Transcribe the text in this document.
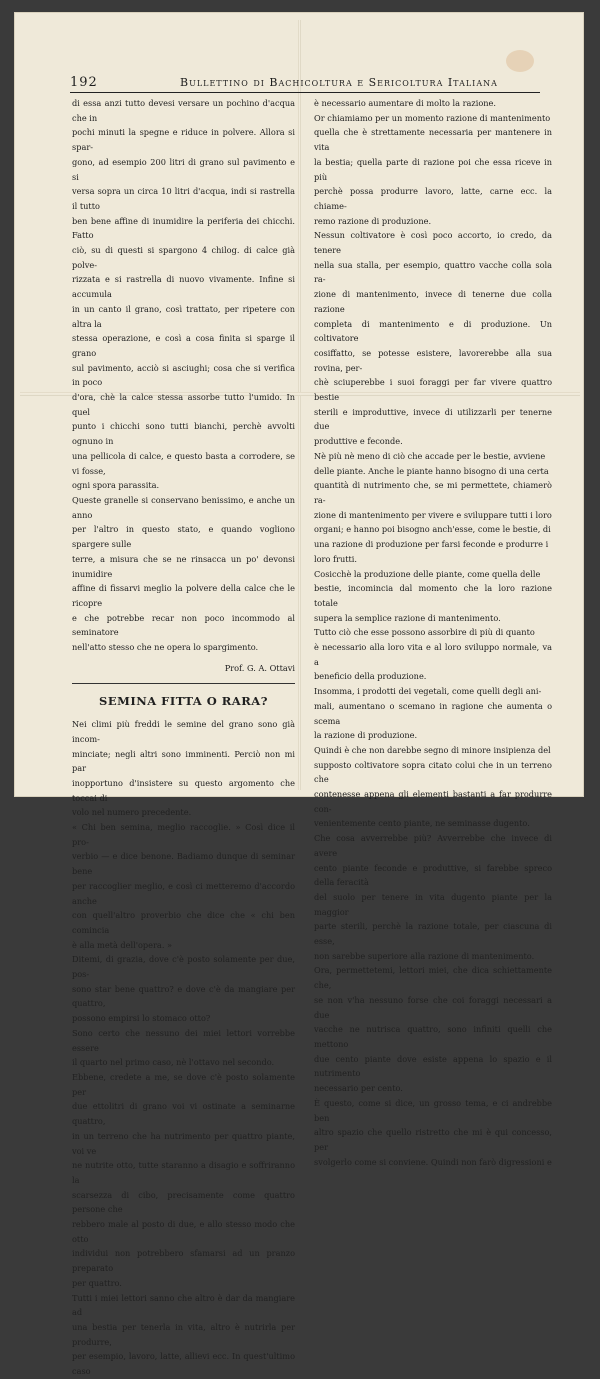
192	Bullettino di Bachicoltura e Sericoltura Italiana

di essa anzi tutto devesi versare un pochino d'acqua che in

pochi minuti la spegne e riduce in polvere. Allora si spar-

gono, ad esempio 200 litri di grano sul pavimento e si

versa sopra un circa 10 litri d'acqua, indi si rastrella il tutto

ben bene affine di inumidire la periferia dei chicchi. Fatto

ciò, su di questi si spargono 4 chilog. di calce già polve-

rizzata e si rastrella di nuovo vivamente. Infine si accumula

in un canto il grano, così trattato, per ripetere con altra la

stessa operazione, e così a cosa finita si sparge il grano

sul pavimento, acciò si asciughi; cosa che si verifica in poco

d'ora, chè la calce stessa assorbe tutto l'umido. In quel

punto i chicchi sono tutti bianchi, perchè avvolti ognuno in

una pellicola di calce, e questo basta a corrodere, se vi fosse,

ogni spora parassita.

Queste granelle si conservano benissimo, e anche un anno

per l'altro in questo stato, e quando vogliono spargere sulle

terre, a misura che se ne rinsacca un po' devonsi inumidire

affine di fissarvi meglio la polvere della calce che le ricopre

e che potrebbe recar non poco incommodo al seminatore

nell'atto stesso che ne opera lo spargimento.

Prof. G. A. Ottavi
SEMINA FITTA O RARA?

Nei climi più freddi le semine del grano sono già incom-

minciate; negli altri sono imminenti. Perciò non mi par

inopportuno d'insistere su questo argomento che toccai di

volo nel numero precedente.

« Chi ben semina, meglio raccoglie. » Così dice il pro-

verbio — e dice benone. Badiamo dunque di seminar bene

per raccoglier meglio, e così ci metteremo d'accordo anche

con quell'altro proverbio che dice che « chi ben comincia

è alla metà dell'opera. »

Ditemi, di grazia, dove c'è posto solamente per due, pos-

sono star bene quattro? e dove c'è da mangiare per quattro,

possono empirsi lo stomaco otto?

Sono certo che nessuno dei miei lettori vorrebbe essere

il quarto nel primo caso, nè l'ottavo nel secondo.

Ebbene, credete a me, se dove c'è posto solamente per

due ettolitri di grano voi vi ostinate a seminarne quattro,

in un terreno che ha nutrimento per quattro piante, voi ve

ne nutrite otto, tutte staranno a disagio e soffriranno la

scarsezza di cibo, precisamente come quattro persone che

rebbero male al posto di due, e allo stesso modo che otto

individui non potrebbero sfamarsi ad un pranzo preparato

per quattro.

Tutti i miei lettori sanno che altro è dar da mangiare ad

una bestia per tenerla in vita, altro è nutrirla per produrre,

per esempio, lavoro, latte, allievi ecc. In quest'ultimo caso

è necessario aumentare di molto la razione.

Or chiamiamo per un momento razione di mantenimento

quella che è strettamente necessaria per mantenere in vita

la bestia; quella parte di razione poi che essa riceve in più

perchè possa produrre lavoro, latte, carne ecc. la chiame-

remo razione di produzione.

Nessun coltivatore è così poco accorto, io credo, da tenere

nella sua stalla, per esempio, quattro vacche colla sola ra-

zione di mantenimento, invece di tenerne due colla razione

completa di mantenimento e di produzione. Un coltivatore

cosiffatto, se potesse esistere, lavorerebbe alla sua rovina, per-

chè sciuperebbe i suoi foraggi per far vivere quattro bestie

sterili e improduttive, invece di utilizzarli per tenerne due

produttive e feconde.

Nè più nè meno di ciò che accade per le bestie, avviene

delle piante. Anche le piante hanno bisogno di una certa

quantità di nutrimento che, se mi permettete, chiamerò ra-

zione di mantenimento per vivere e sviluppare tutti i loro

organi; e hanno poi bisogno anch'esse, come le bestie, di

una razione di produzione per farsi feconde e produrre i

loro frutti.

Cosicchè la produzione delle piante, come quella delle

bestie, incomincia dal momento che la loro razione totale

supera la semplice razione di mantenimento.

Tutto ciò che esse possono assorbire di più di quanto

è necessario alla loro vita e al loro sviluppo normale, va a

beneficio della produzione.

Insomma, i prodotti dei vegetali, come quelli degli ani-

mali, aumentano o scemano in ragione che aumenta o scema

la razione di produzione.

Quindi è che non darebbe segno di minore insipienza del

supposto coltivatore sopra citato colui che in un terreno che

contenesse appena gli elementi bastanti a far produrre con-

venientemente cento piante, ne seminasse dugento.

Che cosa avverrebbe più? Avverrebbe che invece di avere

cento piante feconde e produttive, si farebbe spreco della feracità

del suolo per tenere in vita dugento piante per la maggior

parte sterili, perchè la razione totale, per ciascuna di esse,

non sarebbe superiore alla razione di mantenimento.

Ora, permettetemi, lettori miei, che dica schiettamente che,

se non v'ha nessuno forse che coi foraggi necessari a due

vacche ne nutrisca quattro, sono infiniti quelli che mettono

due cento piante dove esiste appena lo spazio e il nutrimento

necessario per cento.

È questo, come si dice, un grosso tema, e ci andrebbe ben

altro spazio che quello ristretto che mi è qui concesso, per

svolgerlo come si conviene. Quindi non farò digressioni e
